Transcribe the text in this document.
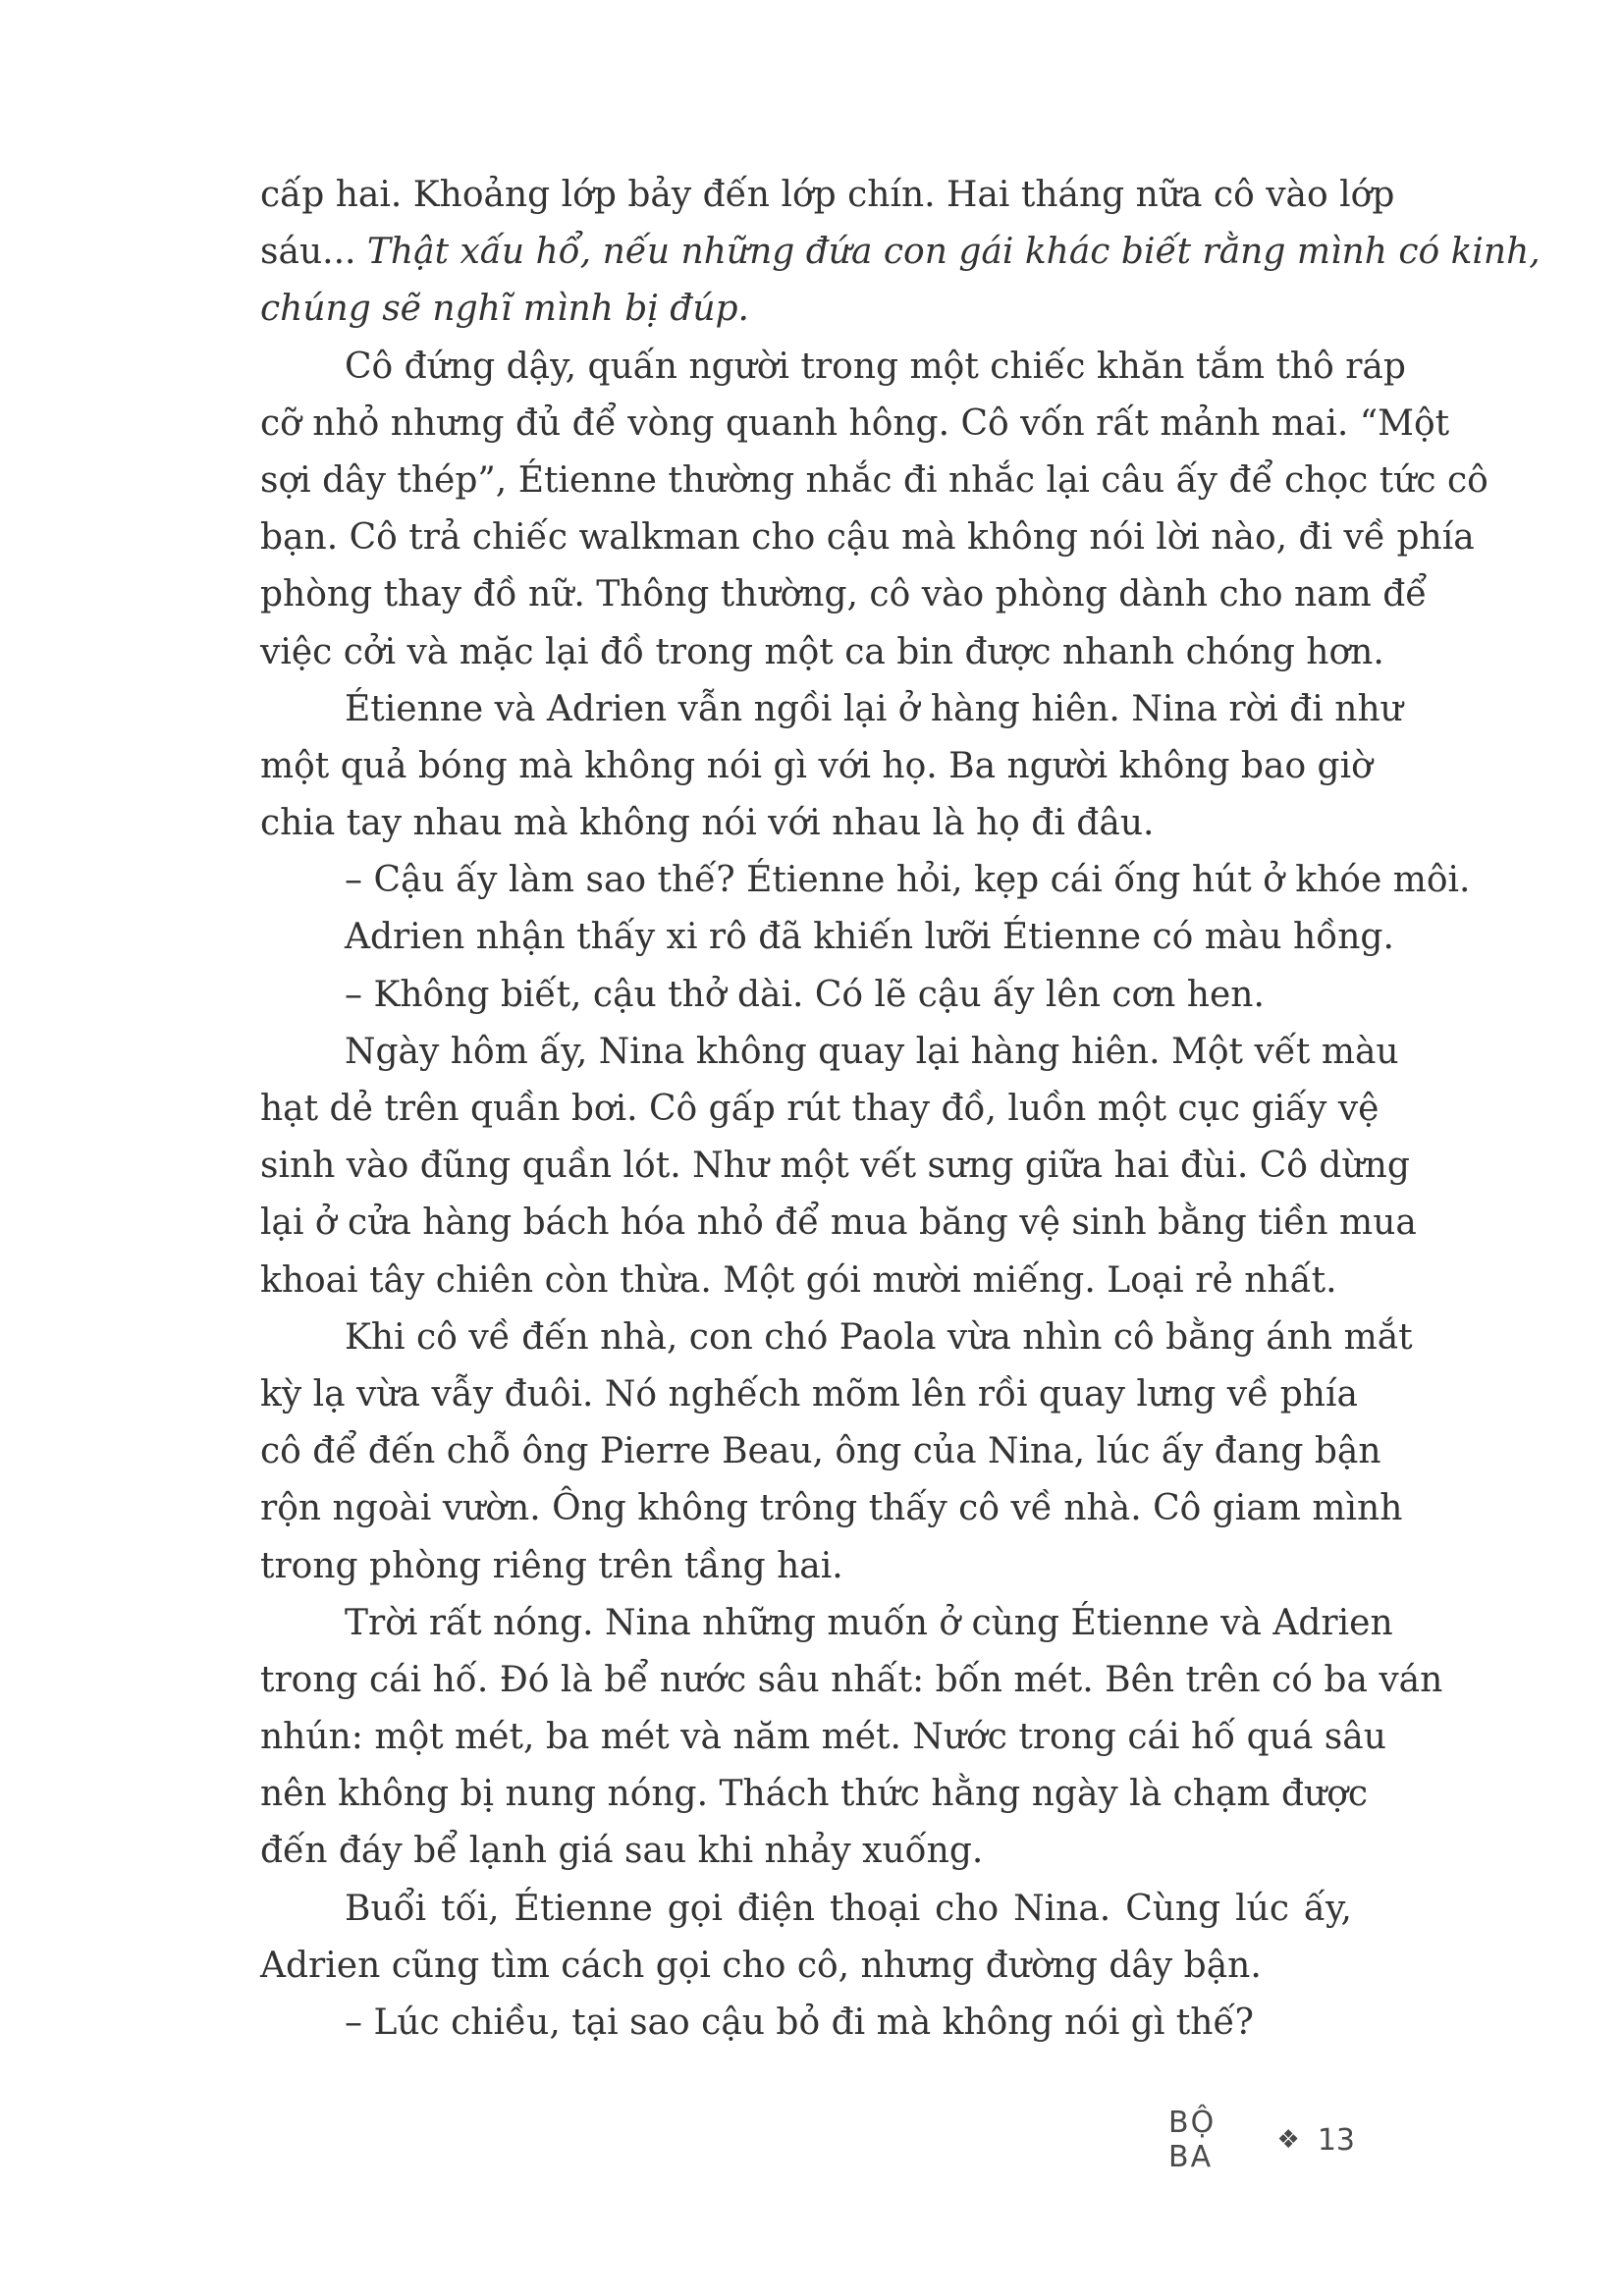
cấp hai. Khoảng lớp bảy đến lớp chín. Hai tháng nữa cô vào lớp
sáu... Thật xấu hổ, nếu những đứa con gái khác biết rằng mình có kinh,
chúng sẽ nghĩ mình bị đúp.
Cô đứng dậy, quấn người trong một chiếc khăn tắm thô ráp
cỡ nhỏ nhưng đủ để vòng quanh hông. Cô vốn rất mảnh mai. “Một
sợi dây thép”, Étienne thường nhắc đi nhắc lại câu ấy để chọc tức cô
bạn. Cô trả chiếc walkman cho cậu mà không nói lời nào, đi về phía
phòng thay đồ nữ. Thông thường, cô vào phòng dành cho nam để
việc cởi và mặc lại đồ trong một ca bin được nhanh chóng hơn.
Étienne và Adrien vẫn ngồi lại ở hàng hiên. Nina rời đi như
một quả bóng mà không nói gì với họ. Ba người không bao giờ
chia tay nhau mà không nói với nhau là họ đi đâu.
– Cậu ấy làm sao thế? Étienne hỏi, kẹp cái ống hút ở khóe môi.
Adrien nhận thấy xi rô đã khiến lưỡi Étienne có màu hồng.
– Không biết, cậu thở dài. Có lẽ cậu ấy lên cơn hen.
Ngày hôm ấy, Nina không quay lại hàng hiên. Một vết màu
hạt dẻ trên quần bơi. Cô gấp rút thay đồ, luồn một cục giấy vệ
sinh vào đũng quần lót. Như một vết sưng giữa hai đùi. Cô dừng
lại ở cửa hàng bách hóa nhỏ để mua băng vệ sinh bằng tiền mua
khoai tây chiên còn thừa. Một gói mười miếng. Loại rẻ nhất.
Khi cô về đến nhà, con chó Paola vừa nhìn cô bằng ánh mắt
kỳ lạ vừa vẫy đuôi. Nó nghếch mõm lên rồi quay lưng về phía
cô để đến chỗ ông Pierre Beau, ông của Nina, lúc ấy đang bận
rộn ngoài vườn. Ông không trông thấy cô về nhà. Cô giam mình
trong phòng riêng trên tầng hai.
Trời rất nóng. Nina những muốn ở cùng Étienne và Adrien
trong cái hố. Đó là bể nước sâu nhất: bốn mét. Bên trên có ba ván
nhún: một mét, ba mét và năm mét. Nước trong cái hố quá sâu
nên không bị nung nóng. Thách thức hằng ngày là chạm được
đến đáy bể lạnh giá sau khi nhảy xuống.
Buổi tối, Étienne gọi điện thoại cho Nina. Cùng lúc ấy,
Adrien cũng tìm cách gọi cho cô, nhưng đường dây bận.
– Lúc chiều, tại sao cậu bỏ đi mà không nói gì thế?
BỘ BA	❖ 13
